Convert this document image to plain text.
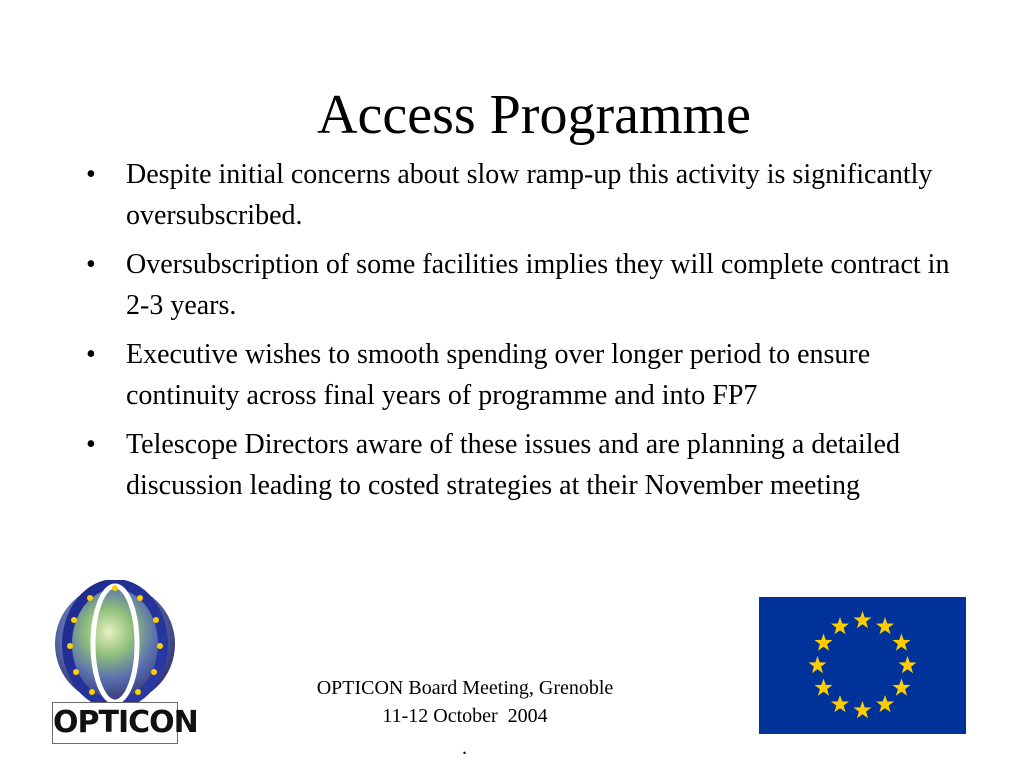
Access Programme
• Despite initial concerns about slow ramp-up this activity is significantly oversubscribed.
• Oversubscription of some facilities implies they will complete contract in 2-3 years.
• Executive wishes to smooth spending over longer period to ensure continuity across final years of programme and into FP7
• Telescope Directors aware of these issues and are planning a detailed discussion leading to costed strategies at their November meeting
OPTICON
OPTICON Board Meeting, Grenoble
11-12 October  2004
.
